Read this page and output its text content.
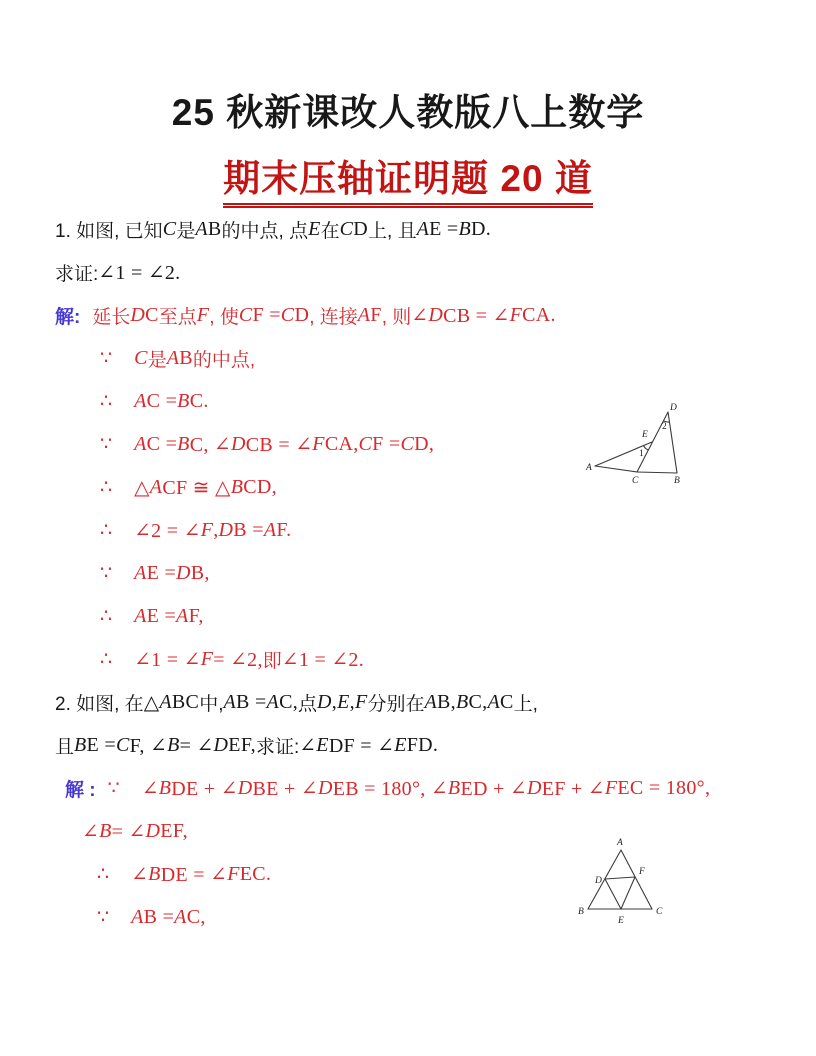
25 秋新课改人教版八上数学
期末压轴证明题 20 道
1. 如图, 已知 C 是 A B 的中点, 点 E 在 C D 上, 且 A E = B D.
求证: ∠1 = ∠2.
解: 延长 D C 至点 F , 使 C F = C D , 连接 A F , 则 ∠ D CB = ∠ F CA.
∵ C 是 A B 的中点,
∴ A C = B C.
∵ A C = B C, ∠ D CB = ∠ F CA, C F = C D,
∴ △ A CF ≅ △ B CD,
∴ ∠2 = ∠ F , D B = A F.
∵ A E = D B,
∴ A E = A F,
∴ ∠1 = ∠ F = ∠2, 即 ∠1 = ∠2.
2. 如图, 在 △ A BC 中, A B = A C, 点 D , E , F 分别在 A B, B C, A C 上,
且 B E = C F, ∠ B = ∠ D EF, 求证: ∠ E DF = ∠ E FD.
解 : ∵ ∠ B DE + ∠ D BE + ∠ D EB = 180°, ∠ B ED + ∠ D EF + ∠ F EC = 180°,
∠ B = ∠ D EF,
∴ ∠ B DE = ∠ F EC.
∵ A B = A C,
A
B
C
D
E
1
2
A
B	C
D
F
E
